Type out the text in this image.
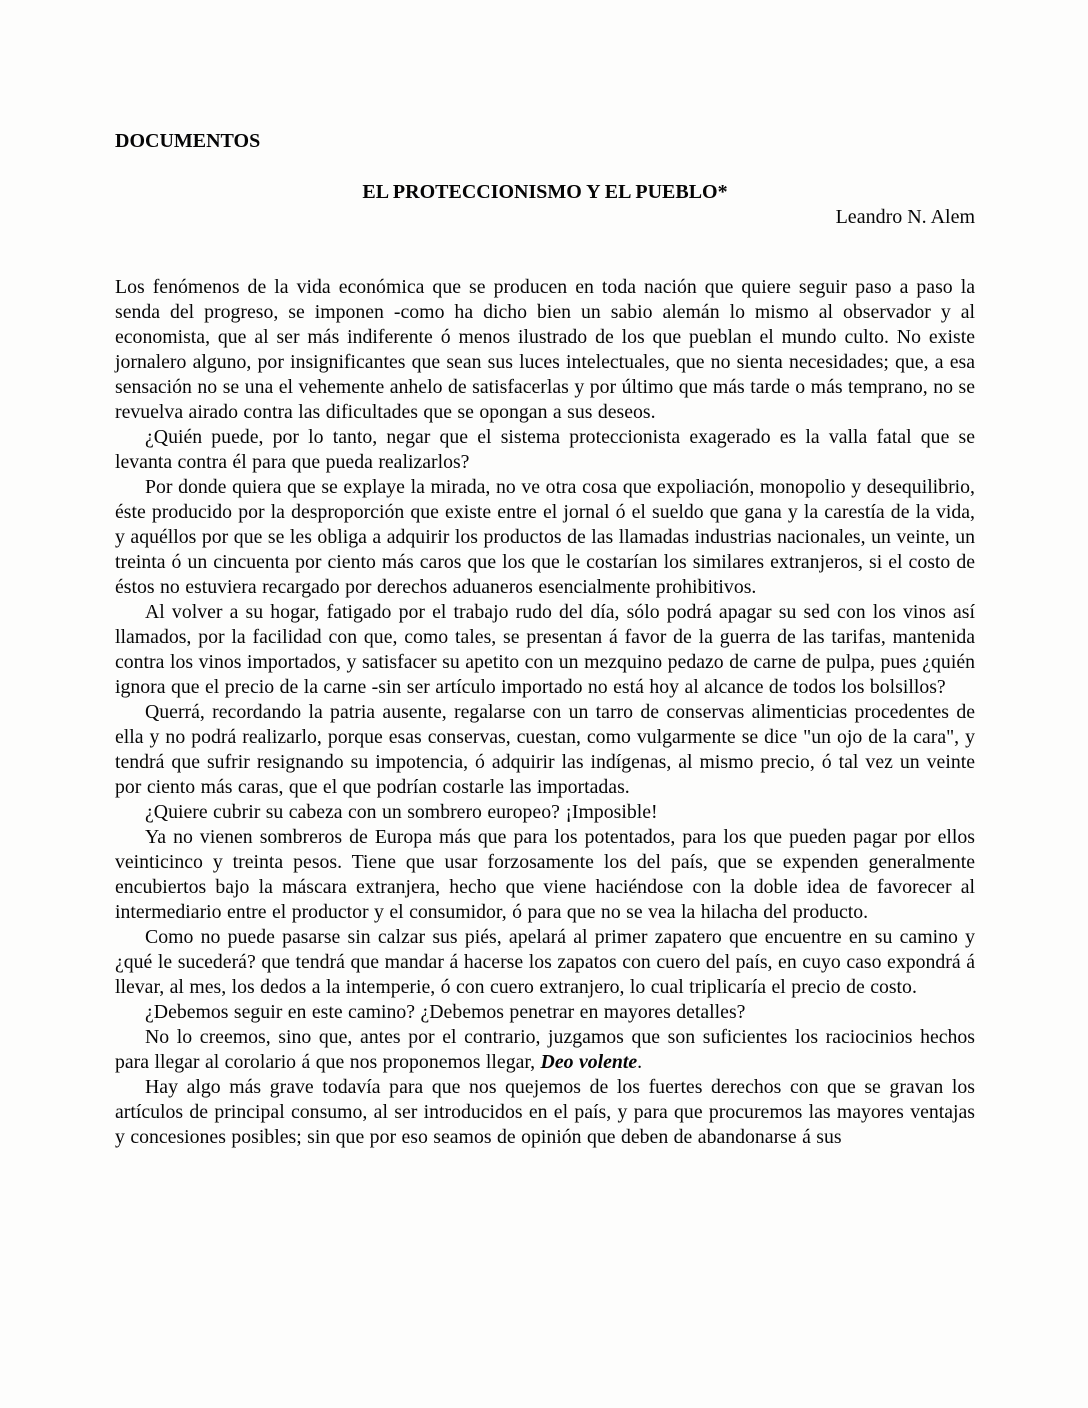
DOCUMENTOS
EL PROTECCIONISMO Y EL PUEBLO*
Leandro N. Alem

Los fenómenos de la vida económica que se producen en toda nación que quiere seguir paso a paso la senda del progreso, se imponen -como ha dicho bien un sabio alemán lo mismo al observador y al economista, que al ser más indiferente ó menos ilustrado de los que pueblan el mundo culto. No existe jornalero alguno, por insignificantes que sean sus luces intelectuales, que no sienta necesidades; que, a esa sensación no se una el vehemente anhelo de satisfacerlas y por último que más tarde o más temprano, no se revuelva airado contra las dificultades que se opongan a sus deseos.

¿Quién puede, por lo tanto, negar que el sistema proteccionista exagerado es la valla fatal que se levanta contra él para que pueda realizarlos?

Por donde quiera que se explaye la mirada, no ve otra cosa que expoliación, monopolio y desequilibrio, éste producido por la desproporción que existe entre el jornal ó el sueldo que gana y la carestía de la vida, y aquéllos por que se les obliga a adquirir los productos de las llamadas industrias nacionales, un veinte, un treinta ó un cincuenta por ciento más caros que los que le costarían los similares extranjeros, si el costo de éstos no estuviera recargado por derechos aduaneros esencialmente prohibitivos.

Al volver a su hogar, fatigado por el trabajo rudo del día, sólo podrá apagar su sed con los vinos así llamados, por la facilidad con que, como tales, se presentan á favor de la guerra de las tarifas, mantenida contra los vinos importados, y satisfacer su apetito con un mezquino pedazo de carne de pulpa, pues ¿quién ignora que el precio de la carne -sin ser artículo importado no está hoy al alcance de todos los bolsillos?

Querrá, recordando la patria ausente, regalarse con un tarro de conservas alimenticias procedentes de ella y no podrá realizarlo, porque esas conservas, cuestan, como vulgarmente se dice "un ojo de la cara", y tendrá que sufrir resignando su impotencia, ó adquirir las indígenas, al mismo precio, ó tal vez un veinte por ciento más caras, que el que podrían costarle las importadas.

¿Quiere cubrir su cabeza con un sombrero europeo? ¡Imposible!

Ya no vienen sombreros de Europa más que para los potentados, para los que pueden pagar por ellos veinticinco y treinta pesos. Tiene que usar forzosamente los del país, que se expenden generalmente encubiertos bajo la máscara extranjera, hecho que viene haciéndose con la doble idea de favorecer al intermediario entre el productor y el consumidor, ó para que no se vea la hilacha del producto.

Como no puede pasarse sin calzar sus piés, apelará al primer zapatero que encuentre en su camino y ¿qué le sucederá? que tendrá que mandar á hacerse los zapatos con cuero del país, en cuyo caso expondrá á llevar, al mes, los dedos a la intemperie, ó con cuero extranjero, lo cual triplicaría el precio de costo.

¿Debemos seguir en este camino? ¿Debemos penetrar en mayores detalles?

No lo creemos, sino que, antes por el contrario, juzgamos que son suficientes los raciocinios hechos para llegar al corolario á que nos proponemos llegar, Deo volente.

Hay algo más grave todavía para que nos quejemos de los fuertes derechos con que se gravan los artículos de principal consumo, al ser introducidos en el país, y para que procuremos las mayores ventajas y concesiones posibles; sin que por eso seamos de opinión que deben de abandonarse á sus
